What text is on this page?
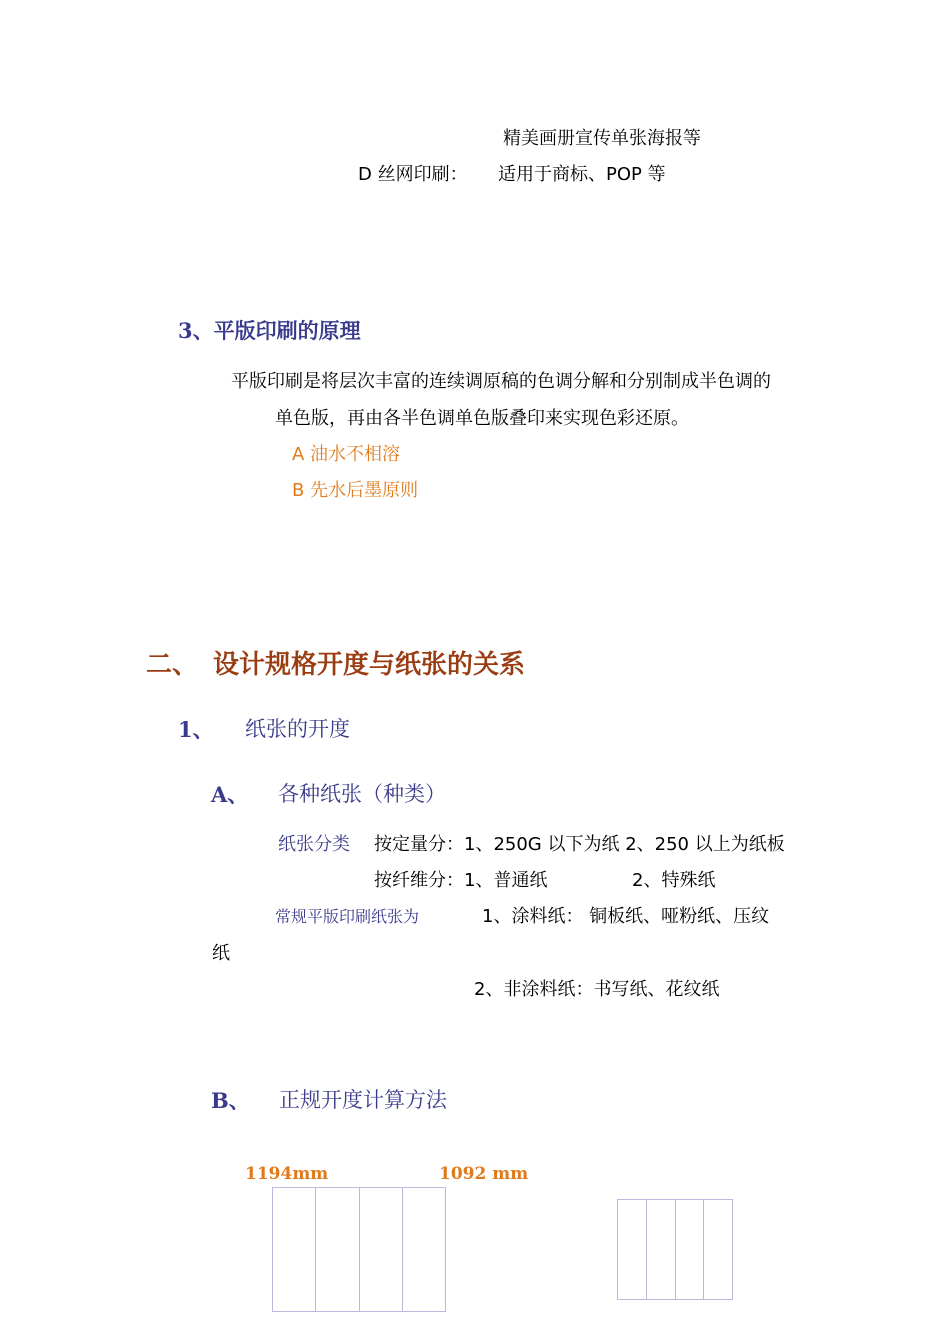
精美画册宣传单张海报等
D 丝网印刷： 适用于商标、POP 等
3、平版印刷的原理
平版印刷是将层次丰富的连续调原稿的色调分解和分别制成半色调的
单色版，再由各半色调单色版叠印来实现色彩还原。
A 油水不相溶
B 先水后墨原则
二、 设计规格开度与纸张的关系
1、 纸张的开度
A、 各种纸张（种类）
纸张分类 按定量分：1、250G 以下为纸 2、250 以上为纸板
按纤维分：1、普通纸	2、特殊纸
常规平版印刷纸张为	1、涂料纸： 铜板纸、哑粉纸、压纹
纸
2、非涂料纸：书写纸、花纹纸
B、 正规开度计算方法
1194mm	1092 mm
